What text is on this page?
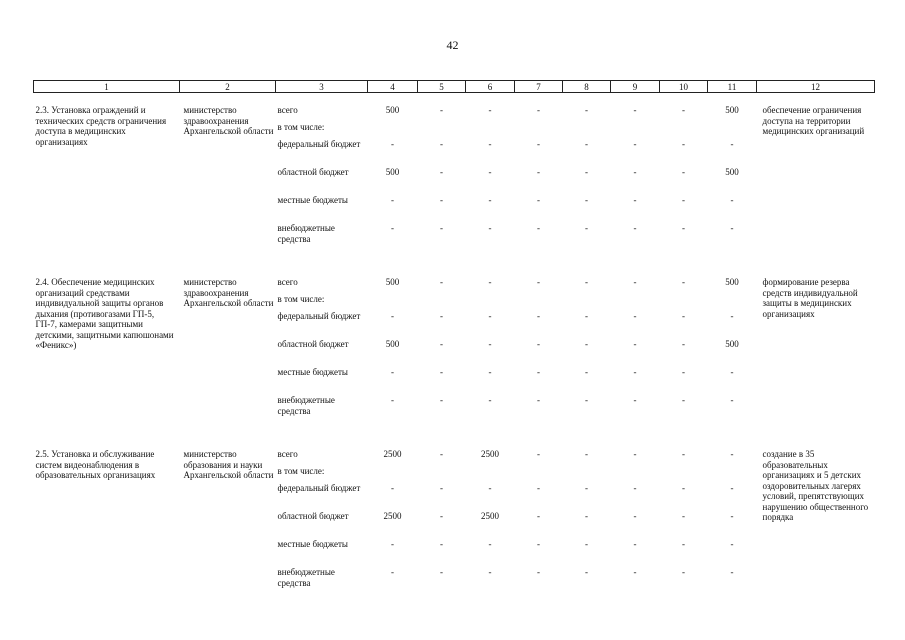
42
1	2	3	4	5	6	7	8	9	10	11	12

2.3. Установка ограждений и технических средств ограничения доступа в медицинских организациях	министерство здравоохранения Архангельской области	всего	500	-	-	-	-	-	-	500	обеспечение ограничения доступа на территории медицинских организаций
		в том числе:									
		федеральный бюджет	-	-	-	-	-	-	-	-	
		областной бюджет	500	-	-	-	-	-	-	500	
		местные бюджеты	-	-	-	-	-	-	-	-	
		внебюджетные средства	-	-	-	-	-	-	-	-	

2.4. Обеспечение медицинских организаций средствами индивидуальной защиты органов дыхания (противогазами ГП-5, ГП-7, камерами защитными детскими, защитными капюшонами «Феникс»)	министерство здравоохранения Архангельской области	всего	500	-	-	-	-	-	-	500	формирование резерва средств индивидуальной защиты в медицинских организациях
		в том числе:									
		федеральный бюджет	-	-	-	-	-	-	-	-	
		областной бюджет	500	-	-	-	-	-	-	500	
		местные бюджеты	-	-	-	-	-	-	-	-	
		внебюджетные средства	-	-	-	-	-	-	-	-	

2.5. Установка и обслуживание систем видеонаблюдения в образовательных организациях	министерство образования и науки Архангельской области	всего	2500	-	2500	-	-	-	-	-	создание в 35 образовательных организациях и 5 детских оздоровительных лагерях условий, препятствующих нарушению общественного порядка
		в том числе:									
		федеральный бюджет	-	-	-	-	-	-	-	-	
		областной бюджет	2500	-	2500	-	-	-	-	-	
		местные бюджеты	-	-	-	-	-	-	-	-	
		внебюджетные средства	-	-	-	-	-	-	-	-	
